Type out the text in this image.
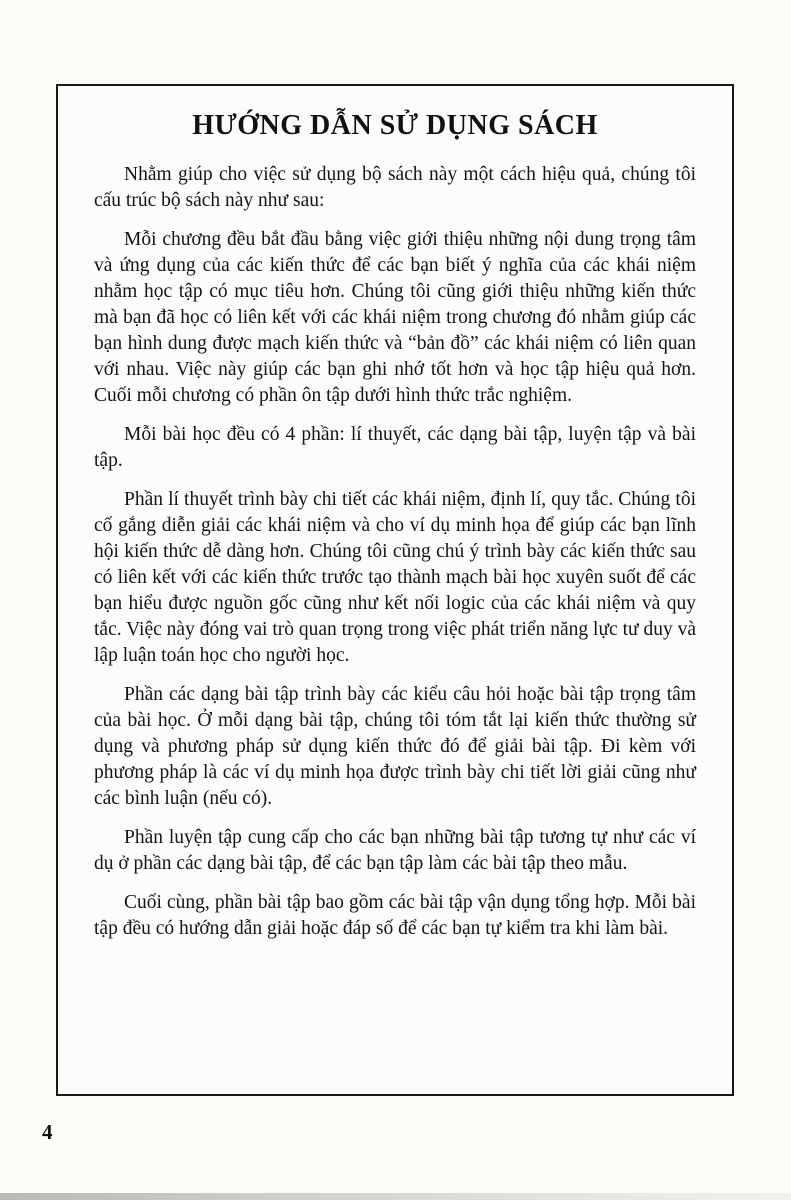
HƯỚNG DẪN SỬ DỤNG SÁCH

Nhằm giúp cho việc sử dụng bộ sách này một cách hiệu quả, chúng tôi cấu trúc bộ sách này như sau:

Mỗi chương đều bắt đầu bằng việc giới thiệu những nội dung trọng tâm và ứng dụng của các kiến thức để các bạn biết ý nghĩa của các khái niệm nhằm học tập có mục tiêu hơn. Chúng tôi cũng giới thiệu những kiến thức mà bạn đã học có liên kết với các khái niệm trong chương đó nhằm giúp các bạn hình dung được mạch kiến thức và “bản đồ” các khái niệm có liên quan với nhau. Việc này giúp các bạn ghi nhớ tốt hơn và học tập hiệu quả hơn. Cuối mỗi chương có phần ôn tập dưới hình thức trắc nghiệm.

Mỗi bài học đều có 4 phần: lí thuyết, các dạng bài tập, luyện tập và bài tập.

Phần lí thuyết trình bày chi tiết các khái niệm, định lí, quy tắc. Chúng tôi cố gắng diễn giải các khái niệm và cho ví dụ minh họa để giúp các bạn lĩnh hội kiến thức dễ dàng hơn. Chúng tôi cũng chú ý trình bày các kiến thức sau có liên kết với các kiến thức trước tạo thành mạch bài học xuyên suốt để các bạn hiểu được nguồn gốc cũng như kết nối logic của các khái niệm và quy tắc. Việc này đóng vai trò quan trọng trong việc phát triển năng lực tư duy và lập luận toán học cho người học.

Phần các dạng bài tập trình bày các kiểu câu hỏi hoặc bài tập trọng tâm của bài học. Ở mỗi dạng bài tập, chúng tôi tóm tắt lại kiến thức thường sử dụng và phương pháp sử dụng kiến thức đó để giải bài tập. Đi kèm với phương pháp là các ví dụ minh họa được trình bày chi tiết lời giải cũng như các bình luận (nếu có).

Phần luyện tập cung cấp cho các bạn những bài tập tương tự như các ví dụ ở phần các dạng bài tập, để các bạn tập làm các bài tập theo mẫu.

Cuối cùng, phần bài tập bao gồm các bài tập vận dụng tổng hợp. Mỗi bài tập đều có hướng dẫn giải hoặc đáp số để các bạn tự kiểm tra khi làm bài.

4
